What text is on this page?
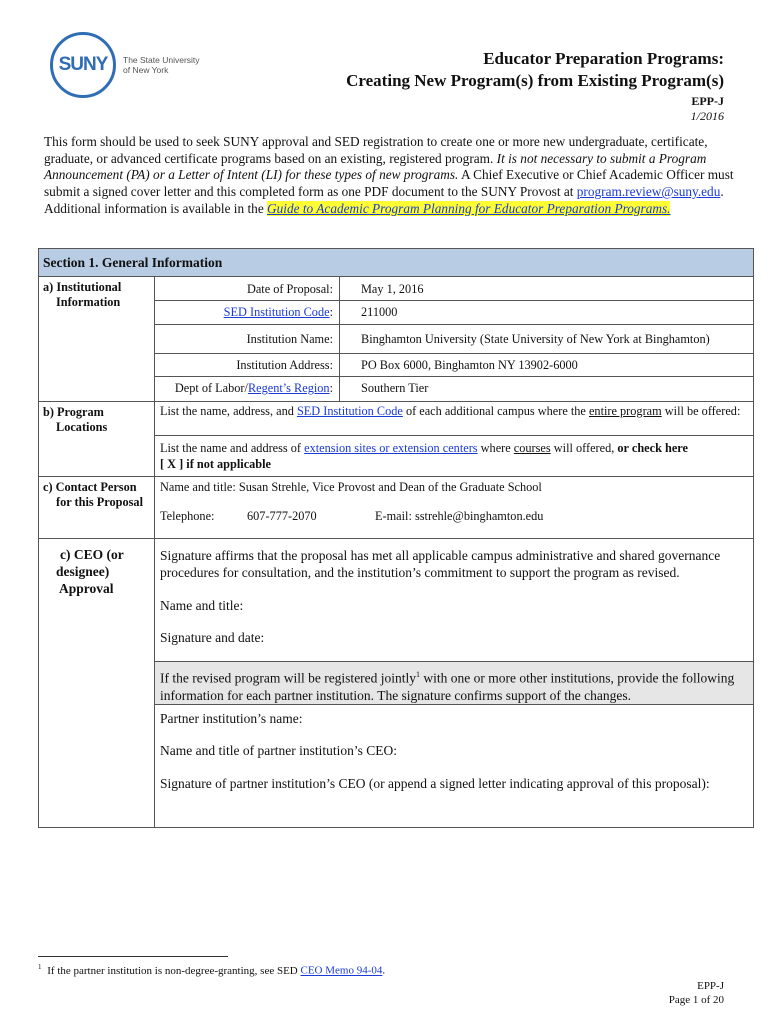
SUNY The State University
of New York
Educator Preparation Programs:
Creating New Program(s) from Existing Program(s)
EPP-J
1/2016
This form should be used to seek SUNY approval and SED registration to create one or more new undergraduate, certificate, graduate, or advanced certificate programs based on an existing, registered program. It is not necessary to submit a Program Announcement (PA) or a Letter of Intent (LI) for these types of new programs. A Chief Executive or Chief Academic Officer must submit a signed cover letter and this completed form as one PDF document to the SUNY Provost at program.review@suny.edu. Additional information is available in the Guide to Academic Program Planning for Educator Preparation Programs.
Section 1. General Information
a) Institutional
Information
Date of Proposal: May 1, 2016
SED Institution Code: 211000
Institution Name: Binghamton University (State University of New York at Binghamton)
Institution Address: PO Box 6000, Binghamton NY 13902-6000
Dept of Labor/Regent’s Region: Southern Tier
b) Program
Locations
List the name, address, and SED Institution Code of each additional campus where the entire program will be offered:
List the name and address of extension sites or extension centers where courses will offered, or check here
[ X ] if not applicable
c) Contact Person
for this Proposal
Name and title: Susan Strehle, Vice Provost and Dean of the Graduate School
Telephone:	607-777-2070	E-mail: sstrehle@binghamton.edu
c) CEO (or
designee)
Approval
Signature affirms that the proposal has met all applicable campus administrative and shared governance procedures for consultation, and the institution’s commitment to support the program as revised.
Name and title:
Signature and date:
If the revised program will be registered jointly$^1$ with one or more other institutions, provide the following information for each partner institution. The signature confirms support of the changes.
Partner institution’s name:
Name and title of partner institution’s CEO:
Signature of partner institution’s CEO (or append a signed letter indicating approval of this proposal):
$^1$ If the partner institution is non-degree-granting, see SED CEO Memo 94-04.
EPP-J
Page 1 of 20
